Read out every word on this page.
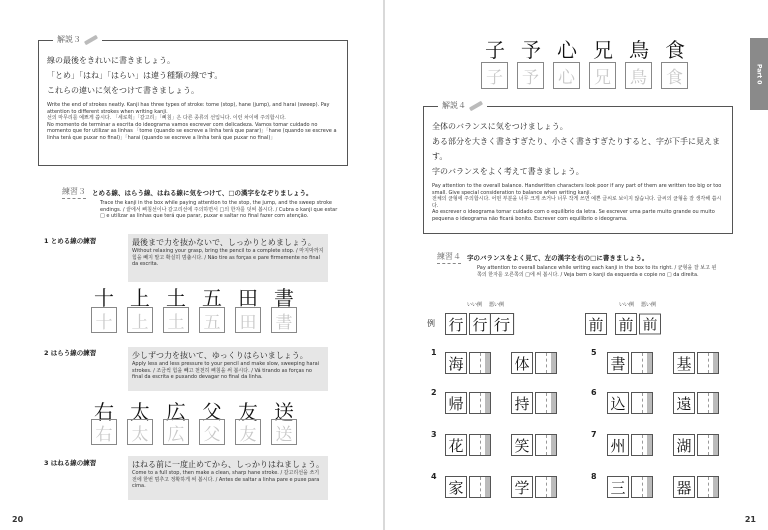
解説３
線の最後をきれいに書きましょう。
「とめ」「はね」「はらい」は違う種類の線です。
これらの違いに気をつけて書きましょう。
Write the end of strokes neatly. Kanji has three types of stroke: tome (stop), hane (jump), and harai (sweep). Pay attention to different strokes when writing kanji.
선의 마무리를 예쁘게 씁시다. 「세로획」「갈고리」「삐침」은 다른 종류의 선입니다. 이런 차이에 주의합시다.
No momento de terminar a escrita do ideograma vamos escrever com delicadeza. Vamos tomar cuidado no momento que for utilizar as linhas 「tome (quando se escreve a linha terá que parar)」「hane (quando se escreve a linha terá que puxar no final)」「harai (quando se escreve a linha terá que puxar no final)」
練習３ とめる線、はらう線、はねる線に気をつけて、□の漢字をなぞりましょう。
Trace the kanji in the box while paying attention to the stop, the jump, and the sweep stroke endings. / 끝에서 삐침선이나 갈고리선에 주의하면서 □의 한자를 덧써 봅시다. / Cubra o kanji que estar □ e utilizar as linhas que terá que parar, puxar e saltar no final fazer com atenção.
1 とめる線の練習	最後まで力を抜かないで、しっかりとめましょう。
Without relaxing your grasp, bring the pencil to a complete stop. / 마지막까지 힘을 빼지 말고 확실히 멈춥시다. / Não tire as forças e pare firmemente no final da escrita.
十 上 土 五 田 書
十 上 土 五 田 書
2 はらう線の練習	少しずつ力を抜いて、ゆっくりはらいましょう。
Apply less and less pressure to your pencil and make slow, sweeping harai strokes. / 조금씩 힘을 빼고 천천히 삐침을 써 봅시다. / Vá tirando as forças no final da escrita e puxando devagar no final da linha.
右 太 広 父 友 送
右 太 広 父 友 送
3 はねる線の練習	はねる前に一度止めてから、しっかりはねましょう。
Come to a full stop, then make a clean, sharp hane stroke. / 갈고리선을 쓰기 전에 한번 멈추고 정확하게 써 봅시다. / Antes de saltar a linha pare e puxe para cima.
20
Part 0
子 予 心 兄 鳥 食
子 予 心 兄 鳥 食
解説４
全体のバランスに気をつけましょう。
ある部分を大きく書きすぎたり、小さく書きすぎたりすると、字が下手に見えます。
字のバランスをよく考えて書きましょう。
Pay attention to the overall balance. Handwritten characters look poor if any part of them are written too big or too small. Give special consideration to balance when writing kanji.
전체의 균형에 주의합시다. 어떤 부분을 너무 크게 쓰거나 너무 작게 쓰면 예쁜 글씨로 보이지 않습니다. 글씨의 균형을 잘 생각해 씁시다.
Ao escrever o ideograma tomar cuidado com o equilíbrio da letra. Se escrever uma parte muito grande ou muito pequena o ideograma não ficará bonito. Escrever com equilíbrio o ideograma.
練習４ 字のバランスをよく見て、左の漢字を右の□に書きましょう。
Pay attention to overall balance while writing each kanji in the box to its right. / 균형을 잘 보고 왼쪽의 한자를 오른쪽의 □에 써 봅시다. / Veja bem o kanji da esquerda e copie no □ da direita.
いい例 悪い例	いい例 悪い例
例 行 行 行	前 前 前
1
海	体
5
書	基
2
帰	持
6
込	遠
3
花	笑
7
州	湖
4
家	学
8
三	器
21
